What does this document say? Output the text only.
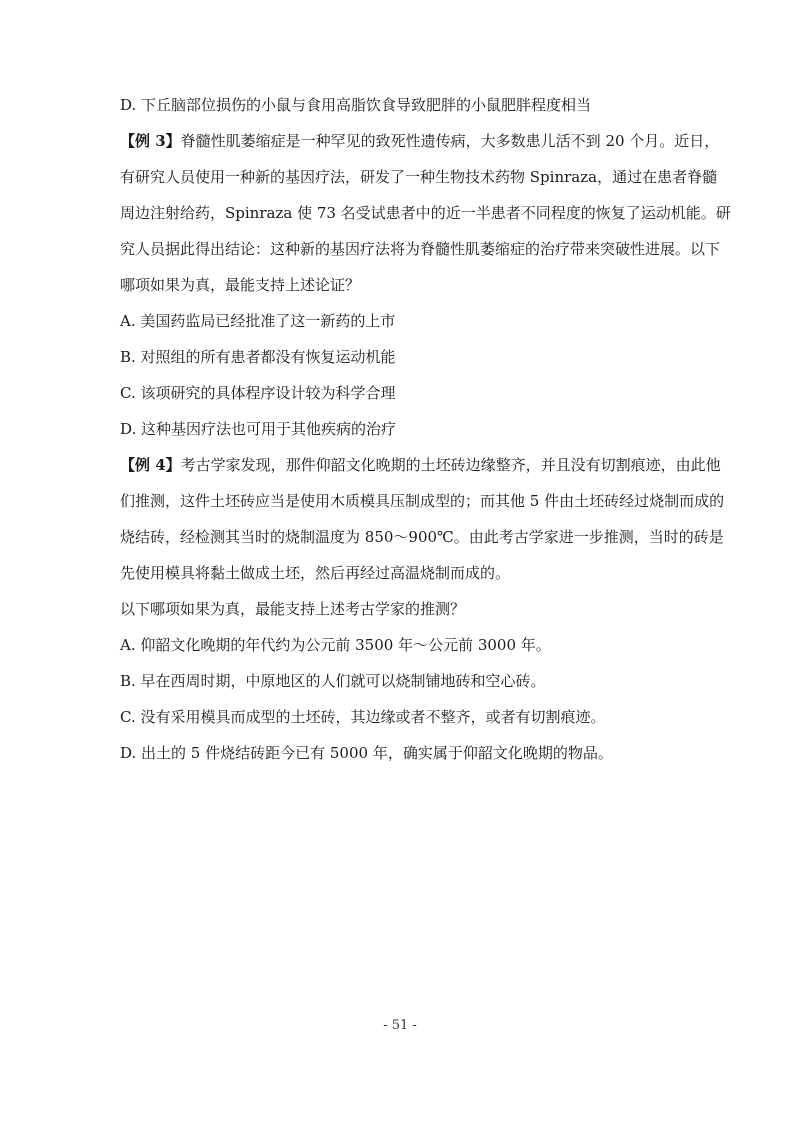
D. 下丘脑部位损伤的小鼠与食用高脂饮食导致肥胖的小鼠肥胖程度相当

【例 3】脊髓性肌萎缩症是一种罕见的致死性遗传病，大多数患儿活不到 20 个月。近日，

有研究人员使用一种新的基因疗法，研发了一种生物技术药物 Spinraza，通过在患者脊髓

周边注射给药，Spinraza 使 73 名受试患者中的近一半患者不同程度的恢复了运动机能。研

究人员据此得出结论：这种新的基因疗法将为脊髓性肌萎缩症的治疗带来突破性进展。以下

哪项如果为真，最能支持上述论证？

A. 美国药监局已经批准了这一新药的上市

B. 对照组的所有患者都没有恢复运动机能

C. 该项研究的具体程序设计较为科学合理

D. 这种基因疗法也可用于其他疾病的治疗

【例 4】考古学家发现，那件仰韶文化晚期的土坯砖边缘整齐，并且没有切割痕迹，由此他

们推测，这件土坯砖应当是使用木质模具压制成型的；而其他 5 件由土坯砖经过烧制而成的

烧结砖，经检测其当时的烧制温度为 850～900℃。由此考古学家进一步推测，当时的砖是

先使用模具将黏土做成土坯，然后再经过高温烧制而成的。

以下哪项如果为真，最能支持上述考古学家的推测？

A. 仰韶文化晚期的年代约为公元前 3500 年～公元前 3000 年。

B. 早在西周时期，中原地区的人们就可以烧制铺地砖和空心砖。

C. 没有采用模具而成型的土坯砖，其边缘或者不整齐，或者有切割痕迹。

D. 出土的 5 件烧结砖距今已有 5000 年，确实属于仰韶文化晚期的物品。

- 51 -
